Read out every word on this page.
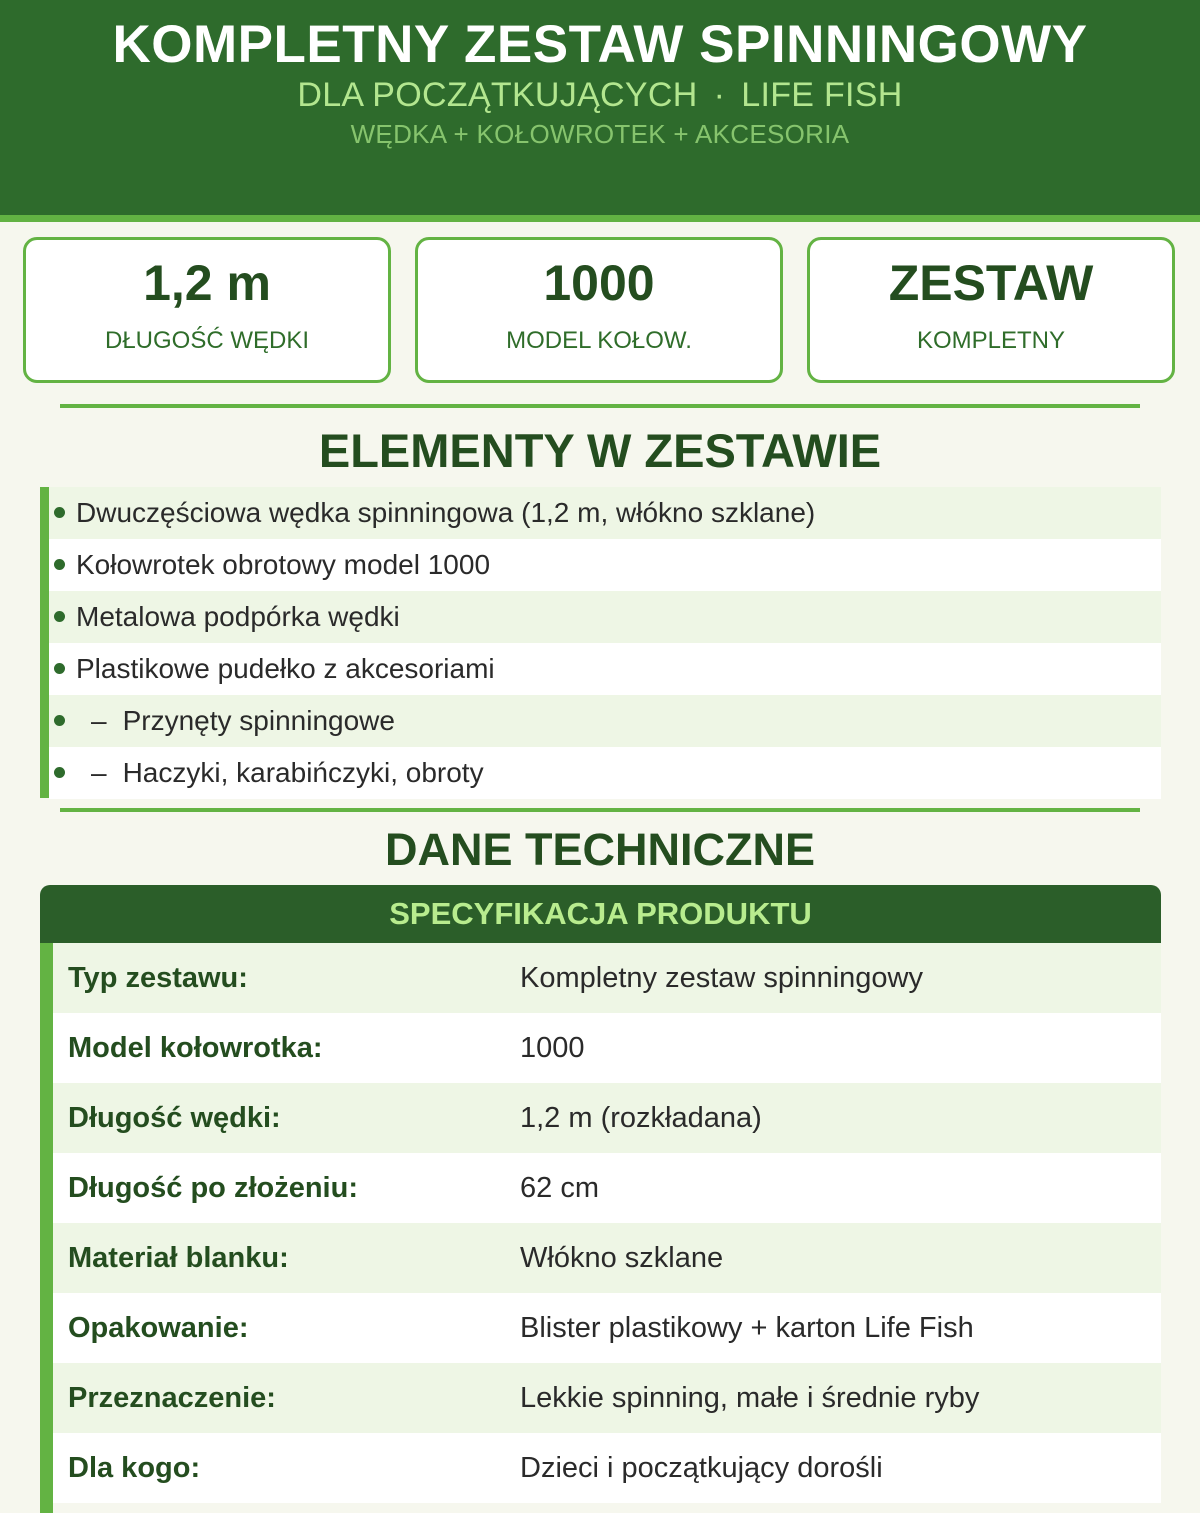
KOMPLETNY ZESTAW SPINNINGOWY
DLA POCZĄTKUJĄCYCH · LIFE FISH
WĘDKA + KOŁOWROTEK + AKCESORIA
1,2 m
DŁUGOŚĆ WĘDKI
1000
MODEL KOŁOW.
ZESTAW
KOMPLETNY
ELEMENTY W ZESTAWIE
Dwuczęściowa wędka spinningowa (1,2 m, włókno szklane)
Kołowrotek obrotowy model 1000
Metalowa podpórka wędki
Plastikowe pudełko z akcesoriami
– Przynęty spinningowe
– Haczyki, karabińczyki, obroty
DANE TECHNICZNE
SPECYFIKACJA PRODUKTU
Typ zestawu:	Kompletny zestaw spinningowy
Model kołowrotka:	1000
Długość wędki:	1,2 m (rozkładana)
Długość po złożeniu:	62 cm
Materiał blanku:	Włókno szklane
Opakowanie:	Blister plastikowy + karton Life Fish
Przeznaczenie:	Lekkie spinning, małe i średnie ryby
Dla kogo:	Dzieci i początkujący dorośli
